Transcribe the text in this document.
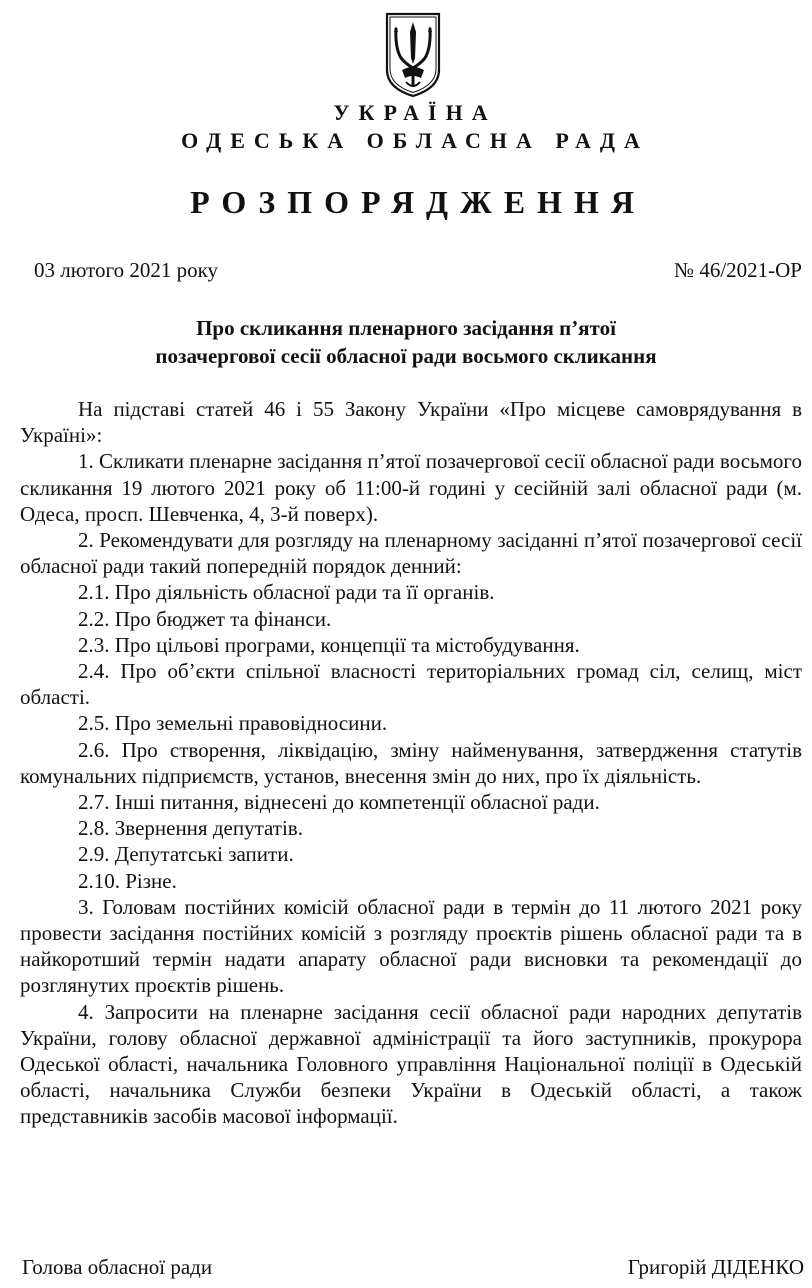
УКРАЇНА
ОДЕСЬКА ОБЛАСНА РАДА
РОЗПОРЯДЖЕННЯ
03 лютого 2021 року	№ 46/2021-ОР
Про скликання пленарного засідання п’ятої
позачергової сесії обласної ради восьмого скликання

На підставі статей 46 і 55 Закону України «Про місцеве самоврядування в Україні»:

1. Скликати пленарне засідання п’ятої позачергової сесії обласної ради восьмого скликання 19 лютого 2021 року об 11:00-й годині у сесійній залі обласної ради (м. Одеса, просп. Шевченка, 4, 3-й поверх).

2. Рекомендувати для розгляду на пленарному засіданні п’ятої позачергової сесії обласної ради такий попередній порядок денний:

2.1. Про діяльність обласної ради та її органів.

2.2. Про бюджет та фінанси.

2.3. Про цільові програми, концепції та містобудування.

2.4. Про об’єкти спільної власності територіальних громад сіл, селищ, міст області.

2.5. Про земельні правовідносини.

2.6. Про створення, ліквідацію, зміну найменування, затвердження статутів комунальних підприємств, установ, внесення змін до них, про їх діяльність.

2.7. Інші питання, віднесені до компетенції обласної ради.

2.8. Звернення депутатів.

2.9. Депутатські запити.

2.10. Різне.

3. Головам постійних комісій обласної ради в термін до 11 лютого 2021 року провести засідання постійних комісій з розгляду проєктів рішень обласної ради та в найкоротший термін надати апарату обласної ради висновки та рекомендації до розглянутих проєктів рішень.

4. Запросити на пленарне засідання сесії обласної ради народних депутатів України, голову обласної державної адміністрації та його заступників, прокурора Одеської області, начальника Головного управління Національної поліції в Одеській області, начальника Служби безпеки України в Одеській області, а також представників засобів масової інформації.

Голова обласної ради	Григорій ДІДЕНКО
